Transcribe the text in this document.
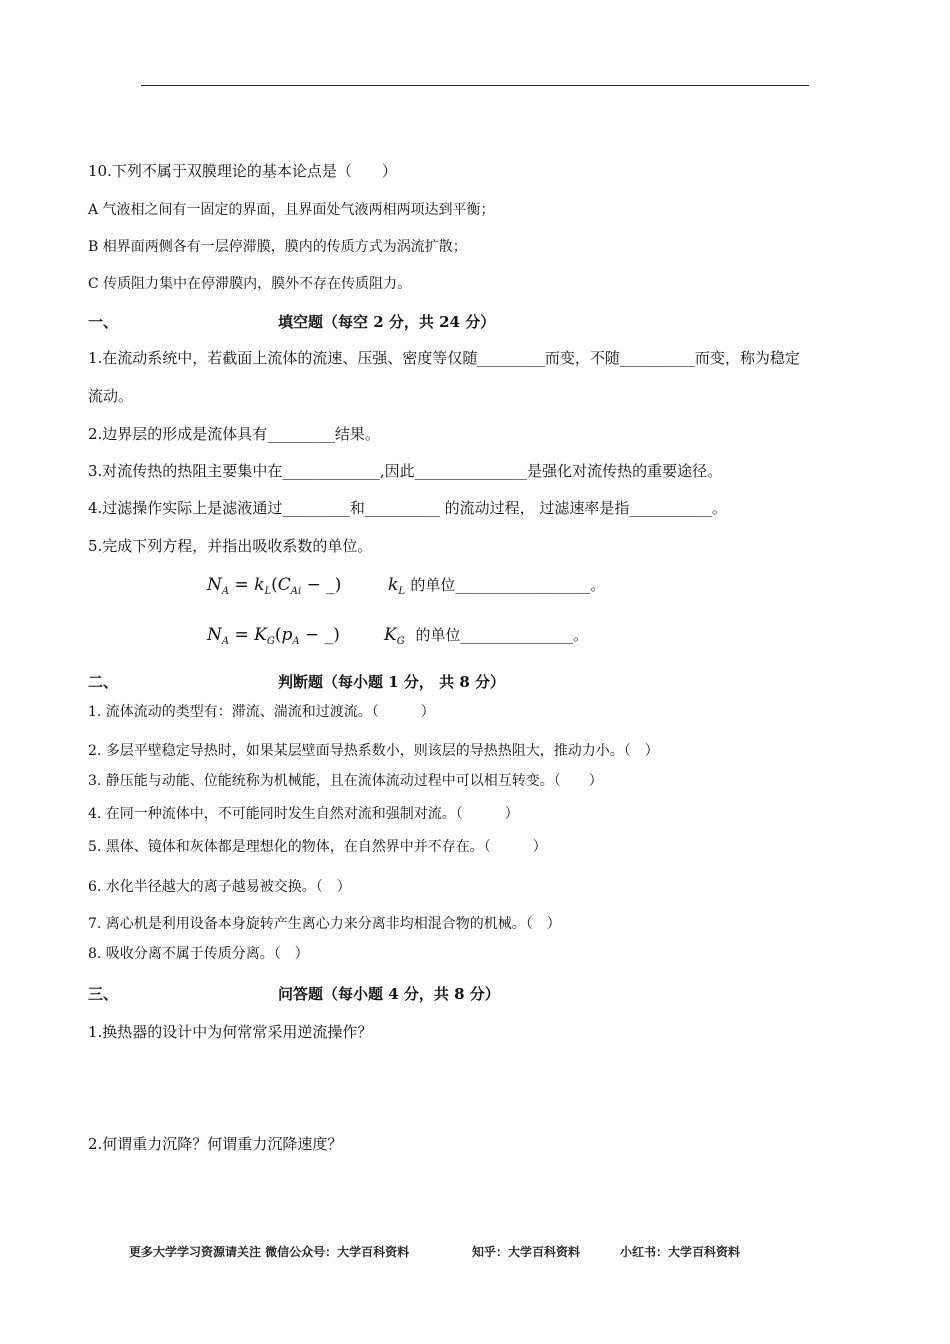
10.下列不属于双膜理论的基本论点是（　　）
A 气液相之间有一固定的界面，且界面处气液两相两项达到平衡；
B 相界面两侧各有一层停滞膜，膜内的传质方式为涡流扩散；
C 传质阻力集中在停滞膜内，膜外不存在传质阻力。
一、	填空题（每空 2 分，共 24 分）
1.在流动系统中，若截面上流体的流速、压强、密度等仅随_________而变，不随__________而变，称为稳定
流动。
2.边界层的形成是流体具有_________结果。
3.对流传热的热阻主要集中在_____________,因此_______________是强化对流传热的重要途径。
4.过滤操作实际上是滤液通过_________和__________ 的流动过程， 过滤速率是指___________。
5.完成下列方程，并指出吸收系数的单位。
$N_A = k_L(C_{Ai}$ − _)	$k_L$ 的单位__________________。
$N_A = K_G(p_A$ − _)	$K_G$ 的单位_______________。
二、	判断题（每小题 1 分， 共 8 分）
1. 流体流动的类型有：滞流、湍流和过渡流。（　　　）
2. 多层平壁稳定导热时，如果某层壁面导热系数小，则该层的导热热阻大，推动力小。（　）
3. 静压能与动能、位能统称为机械能，且在流体流动过程中可以相互转变。（　　）
4. 在同一种流体中，不可能同时发生自然对流和强制对流。（　　　）
5. 黑体、镜体和灰体都是理想化的物体，在自然界中并不存在。（　　　）
6. 水化半径越大的离子越易被交换。（　）
7. 离心机是利用设备本身旋转产生离心力来分离非均相混合物的机械。（　）
8. 吸收分离不属于传质分离。（　）
三、	问答题（每小题 4 分，共 8 分）
1.换热器的设计中为何常常采用逆流操作？
2.何谓重力沉降？何谓重力沉降速度？
更多大学学习资源请关注 微信公众号：大学百科资料	知乎：大学百科资料	小红书：大学百科资料
